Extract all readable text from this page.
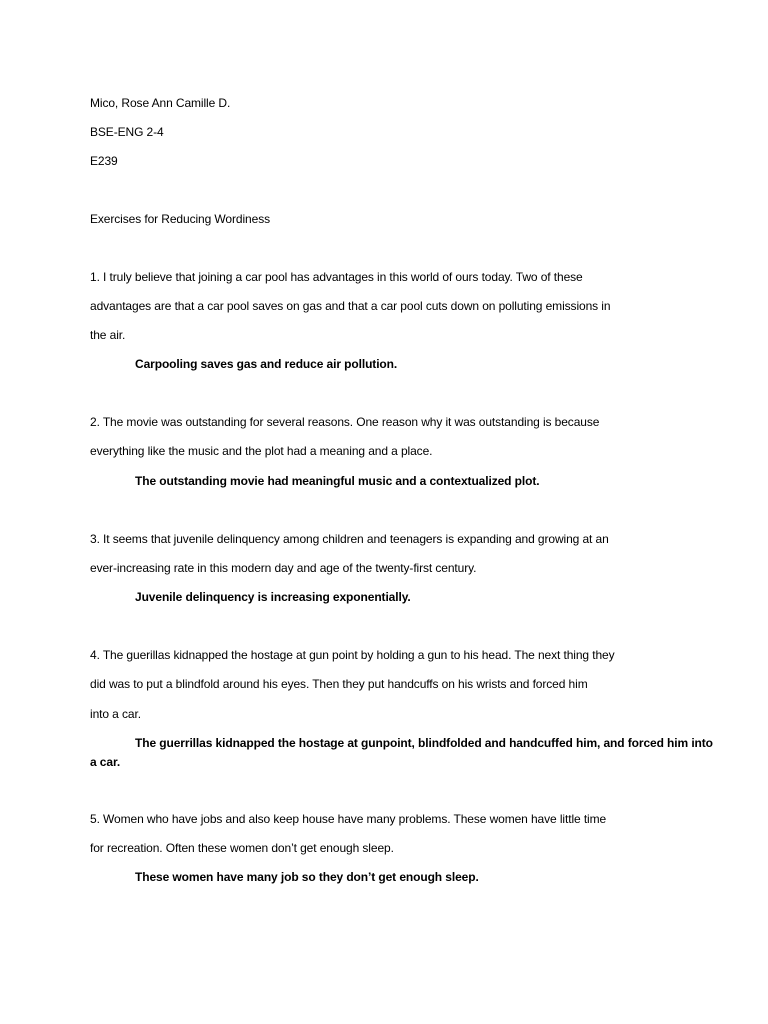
Mico, Rose Ann Camille D.
BSE-ENG 2-4
E239
Exercises for Reducing Wordiness
1. I truly believe that joining a car pool has advantages in this world of ours today. Two of these
advantages are that a car pool saves on gas and that a car pool cuts down on polluting emissions in
the air.
Carpooling saves gas and reduce air pollution.
2. The movie was outstanding for several reasons. One reason why it was outstanding is because
everything like the music and the plot had a meaning and a place.
The outstanding movie had meaningful music and a contextualized plot.
3. It seems that juvenile delinquency among children and teenagers is expanding and growing at an
ever-increasing rate in this modern day and age of the twenty-first century.
Juvenile delinquency is increasing exponentially.
4. The guerillas kidnapped the hostage at gun point by holding a gun to his head. The next thing they
did was to put a blindfold around his eyes. Then they put handcuffs on his wrists and forced him
into a car.
The guerrillas kidnapped the hostage at gunpoint, blindfolded and handcuffed him, and forced him into a car.
5. Women who have jobs and also keep house have many problems. These women have little time
for recreation. Often these women don’t get enough sleep.
These women have many job so they don’t get enough sleep.
